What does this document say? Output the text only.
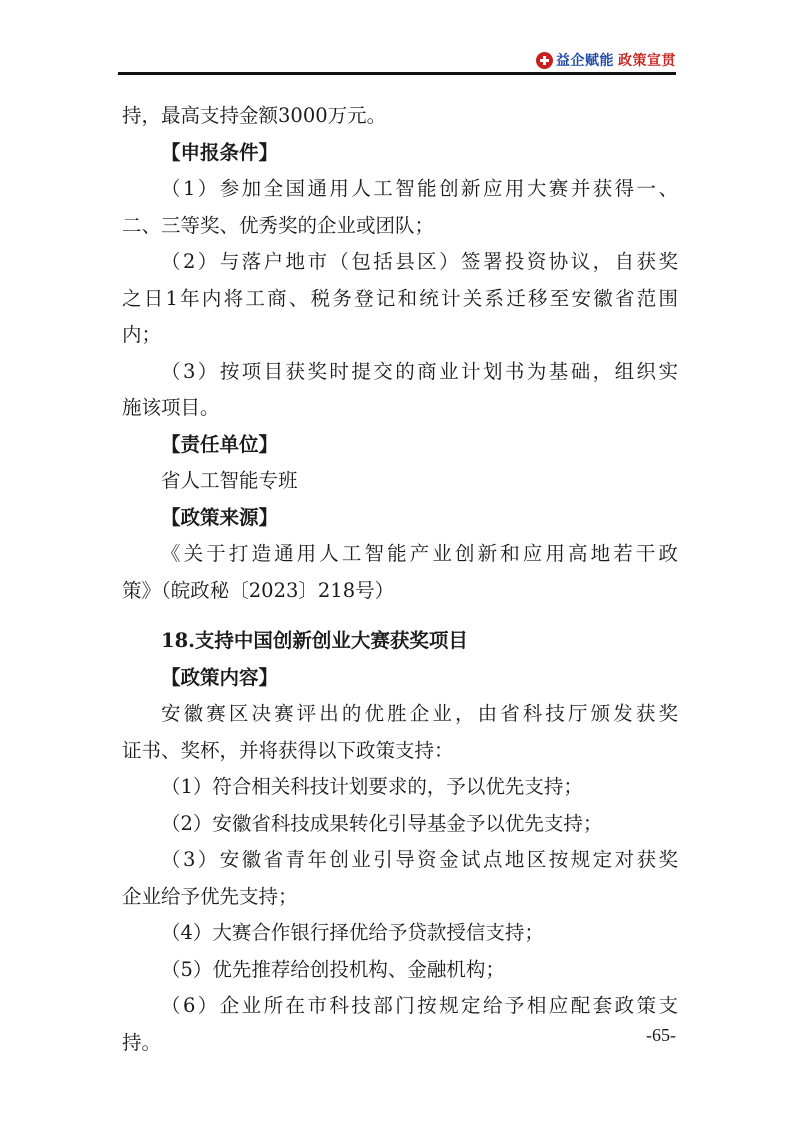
益企赋能 政策宣贯
持，最高支持金额3000万元。
【申报条件】
（1）参加全国通用人工智能创新应用大赛并获得一、
二、三等奖、优秀奖的企业或团队；
（2）与落户地市（包括县区）签署投资协议，自获奖
之日1年内将工商、税务登记和统计关系迁移至安徽省范围
内；
（3）按项目获奖时提交的商业计划书为基础，组织实
施该项目。
【责任单位】
省人工智能专班
【政策来源】
《关于打造通用人工智能产业创新和应用高地若干政
策》（皖政秘〔2023〕218号）
18.支持中国创新创业大赛获奖项目
【政策内容】
安徽赛区决赛评出的优胜企业，由省科技厅颁发获奖
证书、奖杯，并将获得以下政策支持：
（1）符合相关科技计划要求的，予以优先支持；
（2）安徽省科技成果转化引导基金予以优先支持；
（3）安徽省青年创业引导资金试点地区按规定对获奖
企业给予优先支持；
（4）大赛合作银行择优给予贷款授信支持；
（5）优先推荐给创投机构、金融机构；
（6）企业所在市科技部门按规定给予相应配套政策支
持。	-65-
